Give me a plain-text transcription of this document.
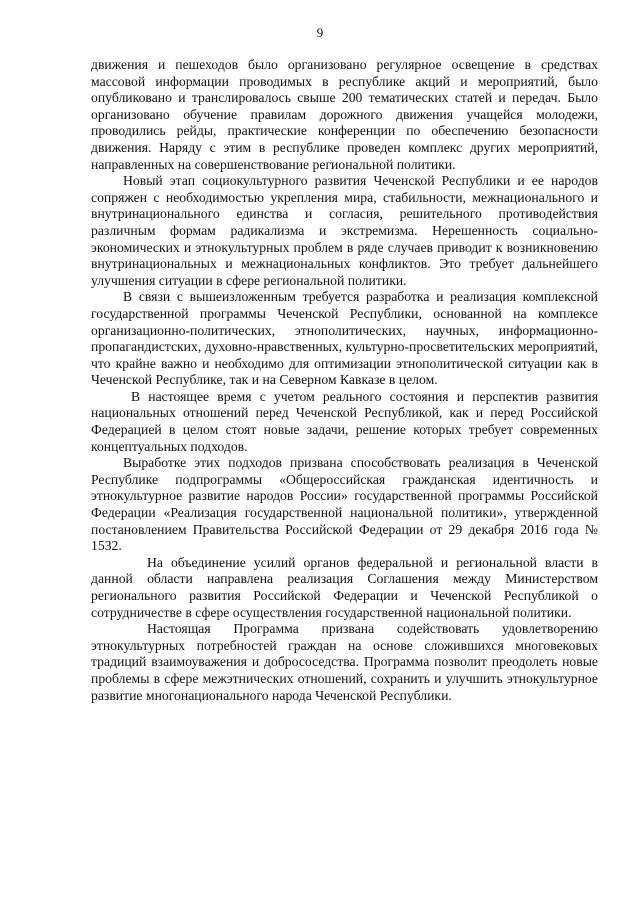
9

движения и пешеходов было организовано регулярное освещение в средствах массовой информации проводимых в республике акций и мероприятий, было опубликовано и транслировалось свыше 200 тематических статей и передач. Было организовано обучение правилам дорожного движения учащейся молодежи, проводились рейды, практические конференции по обеспечению безопасности движения. Наряду с этим в республике проведен комплекс других мероприятий, направленных на совершенствование региональной политики.

Новый этап социокультурного развития Чеченской Республики и ее народов сопряжен с необходимостью укрепления мира, стабильности, межнационального и внутринационального единства и согласия, решительного противодействия различным формам радикализма и экстремизма. Нерешенность социально-экономических и этнокультурных проблем в ряде случаев приводит к возникновению внутринациональных и межнациональных конфликтов. Это требует дальнейшего улучшения ситуации в сфере региональной политики.

В связи с вышеизложенным требуется разработка и реализация комплексной государственной программы Чеченской Республики, основанной на комплексе организационно-политических, этнополитических, научных, информационно-пропагандистских, духовно-нравственных, культурно-просветительских мероприятий, что крайне важно и необходимо для оптимизации этнополитической ситуации как в Чеченской Республике, так и на Северном Кавказе в целом.

В настоящее время с учетом реального состояния и перспектив развития национальных отношений перед Чеченской Республикой, как и перед Российской Федерацией в целом стоят новые задачи, решение которых требует современных концептуальных подходов.

Выработке этих подходов призвана способствовать реализация в Чеченской Республике подпрограммы «Общероссийская гражданская идентичность и этнокультурное развитие народов России» государственной программы Российской Федерации «Реализация государственной национальной политики», утвержденной постановлением Правительства Российской Федерации от 29 декабря 2016 года № 1532.

На объединение усилий органов федеральной и региональной власти в данной области направлена реализация Соглашения между Министерством регионального развития Российской Федерации и Чеченской Республикой о сотрудничестве в сфере осуществления государственной национальной политики.

Настоящая Программа призвана содействовать удовлетворению этнокультурных потребностей граждан на основе сложившихся многовековых традиций взаимоуважения и добрососедства. Программа позволит преодолеть новые проблемы в сфере межэтнических отношений, сохранить и улучшить этнокультурное развитие многонационального народа Чеченской Республики.
